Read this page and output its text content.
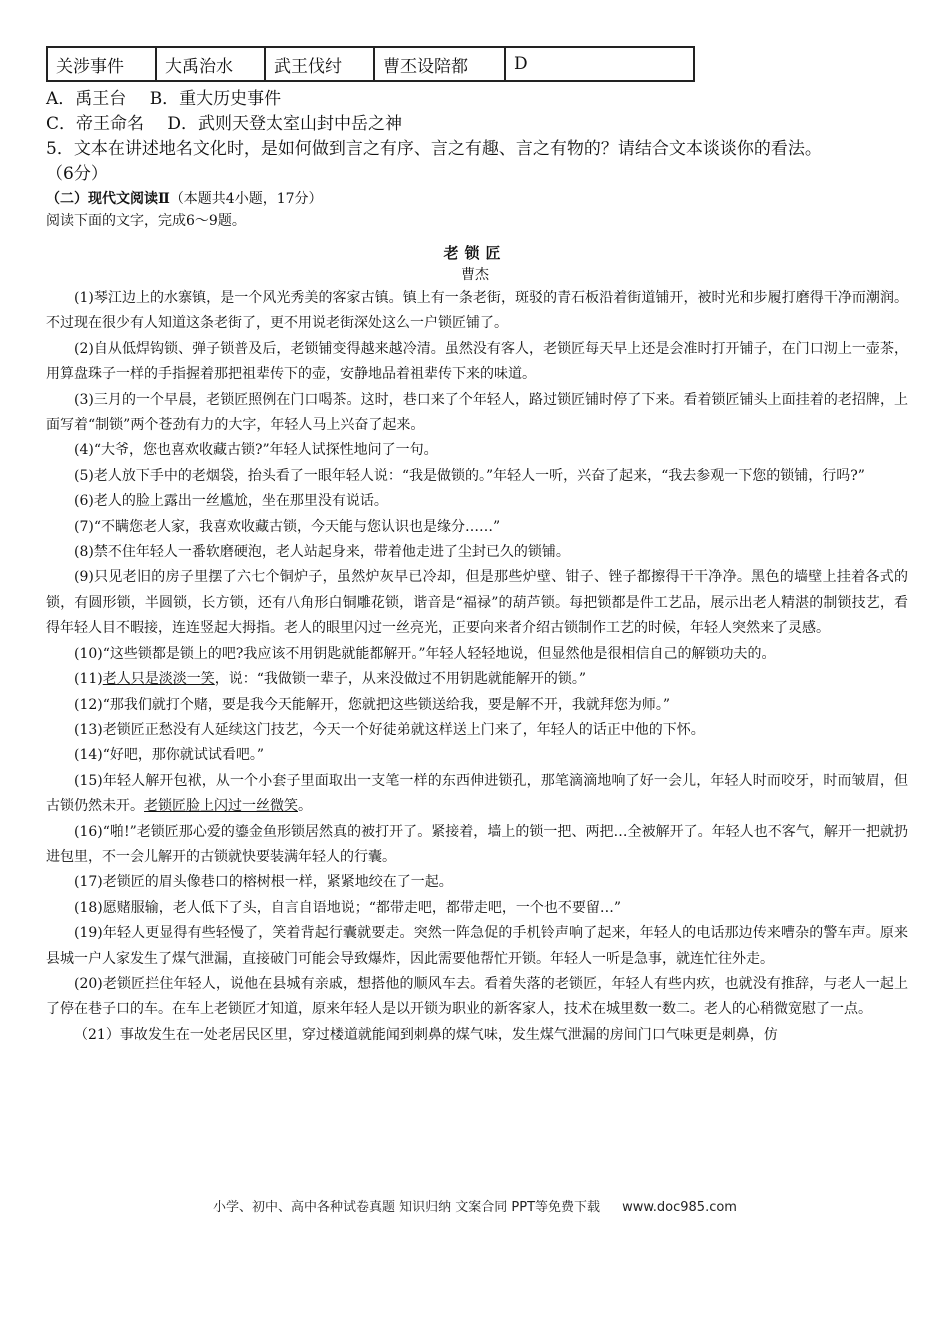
关涉事件	大禹治水	武王伐纣	曹丕设陪都	D
A．禹王台 B．重大历史事件
C．帝王命名 D．武则天登太室山封中岳之神
5．文本在讲述地名文化时，是如何做到言之有序、言之有趣、言之有物的？请结合文本谈谈你的看法。
（6分）
（二）现代文阅读Ⅱ（本题共4小题，17分）
阅读下面的文字，完成6～9题。
老锁匠
曹杰

(1)琴江边上的水寨镇，是一个风光秀美的客家古镇。镇上有一条老街，斑驳的青石板沿着街道铺开，被时光和步履打磨得干净而潮润。不过现在很少有人知道这条老街了，更不用说老街深处这么一户锁匠铺了。

(2)自从低焊钩锁、弹子锁普及后，老锁铺变得越来越冷清。虽然没有客人，老锁匠每天早上还是会准时打开铺子，在门口沏上一壶茶，用算盘珠子一样的手指握着那把祖辈传下的壶，安静地品着祖辈传下来的味道。

(3)三月的一个早晨，老锁匠照例在门口喝茶。这时，巷口来了个年轻人，路过锁匠铺时停了下来。看着锁匠铺头上面挂着的老招牌，上面写着“制锁”两个苍劲有力的大字，年轻人马上兴奋了起来。

(4)“大爷，您也喜欢收藏古锁?”年轻人试探性地问了一句。

(5)老人放下手中的老烟袋，抬头看了一眼年轻人说：“我是做锁的。”年轻人一听，兴奋了起来，“我去参观一下您的锁铺，行吗?”

(6)老人的脸上露出一丝尴尬，坐在那里没有说话。

(7)“不瞒您老人家，我喜欢收藏古锁，今天能与您认识也是缘分……”

(8)禁不住年轻人一番软磨硬泡，老人站起身来，带着他走进了尘封已久的锁铺。

(9)只见老旧的房子里摆了六七个铜炉子，虽然炉灰早已冷却，但是那些炉壁、钳子、锉子都擦得干干净净。黑色的墙壁上挂着各式的锁，有圆形锁，半圆锁，长方锁，还有八角形白铜雕花锁，谐音是“福禄”的葫芦锁。每把锁都是件工艺品，展示出老人精湛的制锁技艺，看得年轻人目不暇接，连连竖起大拇指。老人的眼里闪过一丝亮光，正要向来者介绍古锁制作工艺的时候，年轻人突然来了灵感。

(10)“这些锁都是锁上的吧?我应该不用钥匙就能都解开。”年轻人轻轻地说，但显然他是很相信自己的解锁功夫的。

(11)老人只是淡淡一笑，说：“我做锁一辈子，从来没做过不用钥匙就能解开的锁。”

(12)“那我们就打个赌，要是我今天能解开，您就把这些锁送给我，要是解不开，我就拜您为师。”

(13)老锁匠正愁没有人延续这门技艺，今天一个好徒弟就这样送上门来了，年轻人的话正中他的下怀。

(14)“好吧，那你就试试看吧。”

(15)年轻人解开包袱，从一个小套子里面取出一支笔一样的东西伸进锁孔，那笔滴滴地响了好一会儿，年轻人时而咬牙，时而皱眉，但古锁仍然未开。老锁匠脸上闪过一丝微笑。

(16)“啪!”老锁匠那心爱的鎏金鱼形锁居然真的被打开了。紧接着，墙上的锁一把、两把…全被解开了。年轻人也不客气，解开一把就扔进包里，不一会儿解开的古锁就快要装满年轻人的行囊。

(17)老锁匠的眉头像巷口的榕树根一样，紧紧地绞在了一起。

(18)愿赌服输，老人低下了头，自言自语地说；“都带走吧，都带走吧，一个也不要留…”

(19)年轻人更显得有些轻慢了，笑着背起行囊就要走。突然一阵急促的手机铃声响了起来，年轻人的电话那边传来嘈杂的警车声。原来县城一户人家发生了煤气泄漏，直接破门可能会导致爆炸，因此需要他帮忙开锁。年轻人一听是急事，就连忙往外走。

(20)老锁匠拦住年轻人，说他在县城有亲戚，想搭他的顺风车去。看着失落的老锁匠，年轻人有些内疚，也就没有推辞，与老人一起上了停在巷子口的车。在车上老锁匠才知道，原来年轻人是以开锁为职业的新客家人，技术在城里数一数二。老人的心稍微宽慰了一点。

（21）事故发生在一处老居民区里，穿过楼道就能闻到刺鼻的煤气味，发生煤气泄漏的房间门口气味更是刺鼻，仿

小学、初中、高中各种试卷真题 知识归纳 文案合同 PPT等免费下载 www.doc985.com
